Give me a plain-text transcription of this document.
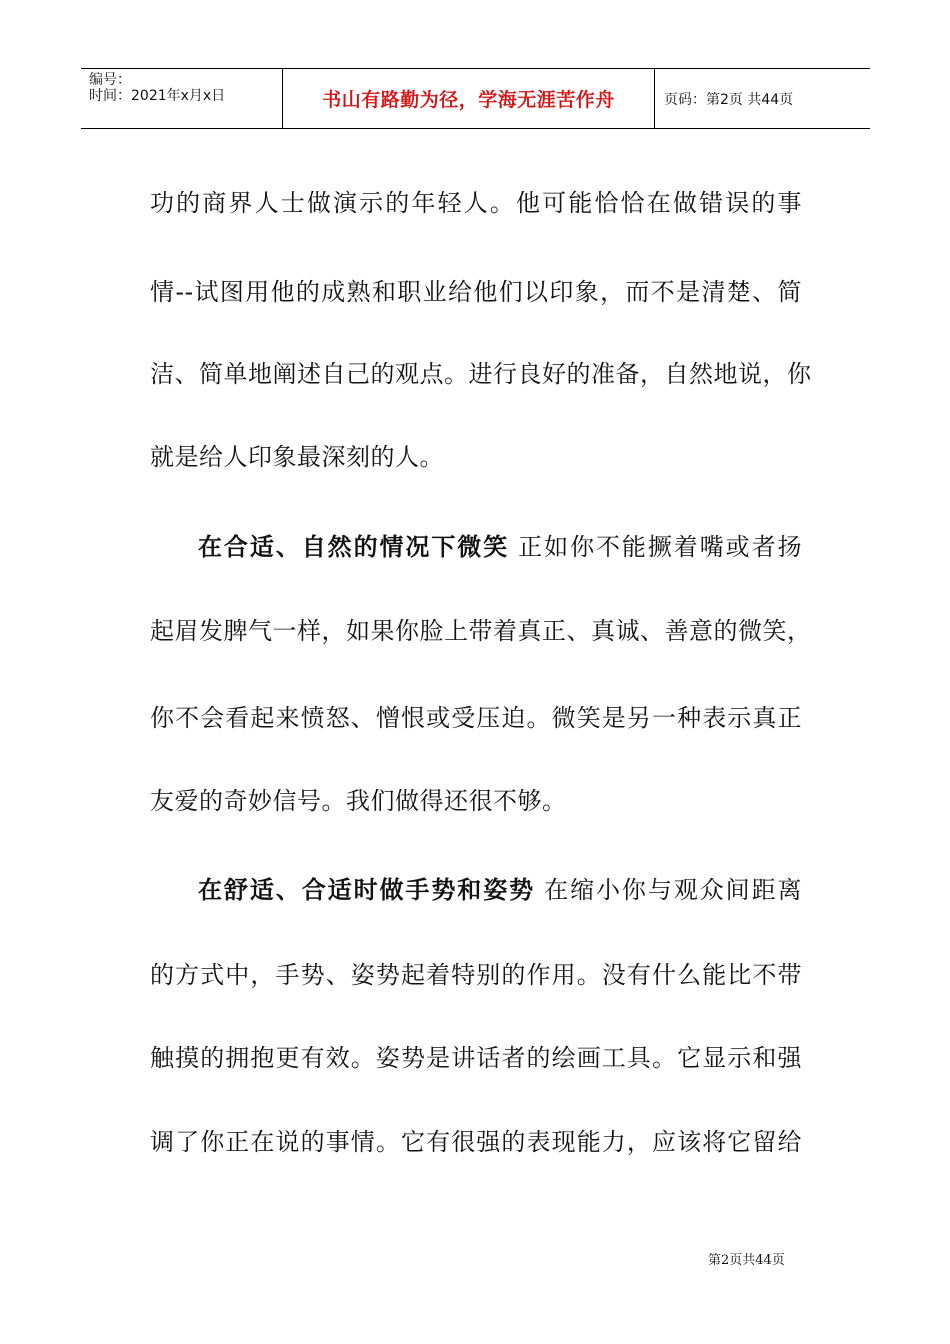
编号：
时间：2021年x月x日	书山有路勤为径，学海无涯苦作舟	页码：第2页 共44页
功的商界人士做演示的年轻人。他可能恰恰在做错误的事
情--试图用他的成熟和职业给他们以印象，而不是清楚、简
洁、简单地阐述自己的观点。进行良好的准备，自然地说，你
就是给人印象最深刻的人。
在合适、自然的情况下微笑 正如你不能撅着嘴或者扬
起眉发脾气一样，如果你脸上带着真正、真诚、善意的微笑，
你不会看起来愤怒、憎恨或受压迫。微笑是另一种表示真正
友爱的奇妙信号。我们做得还很不够。
在舒适、合适时做手势和姿势 在缩小你与观众间距离
的方式中，手势、姿势起着特别的作用。没有什么能比不带
触摸的拥抱更有效。姿势是讲话者的绘画工具。它显示和强
调了你正在说的事情。它有很强的表现能力，应该将它留给
第2页共44页
